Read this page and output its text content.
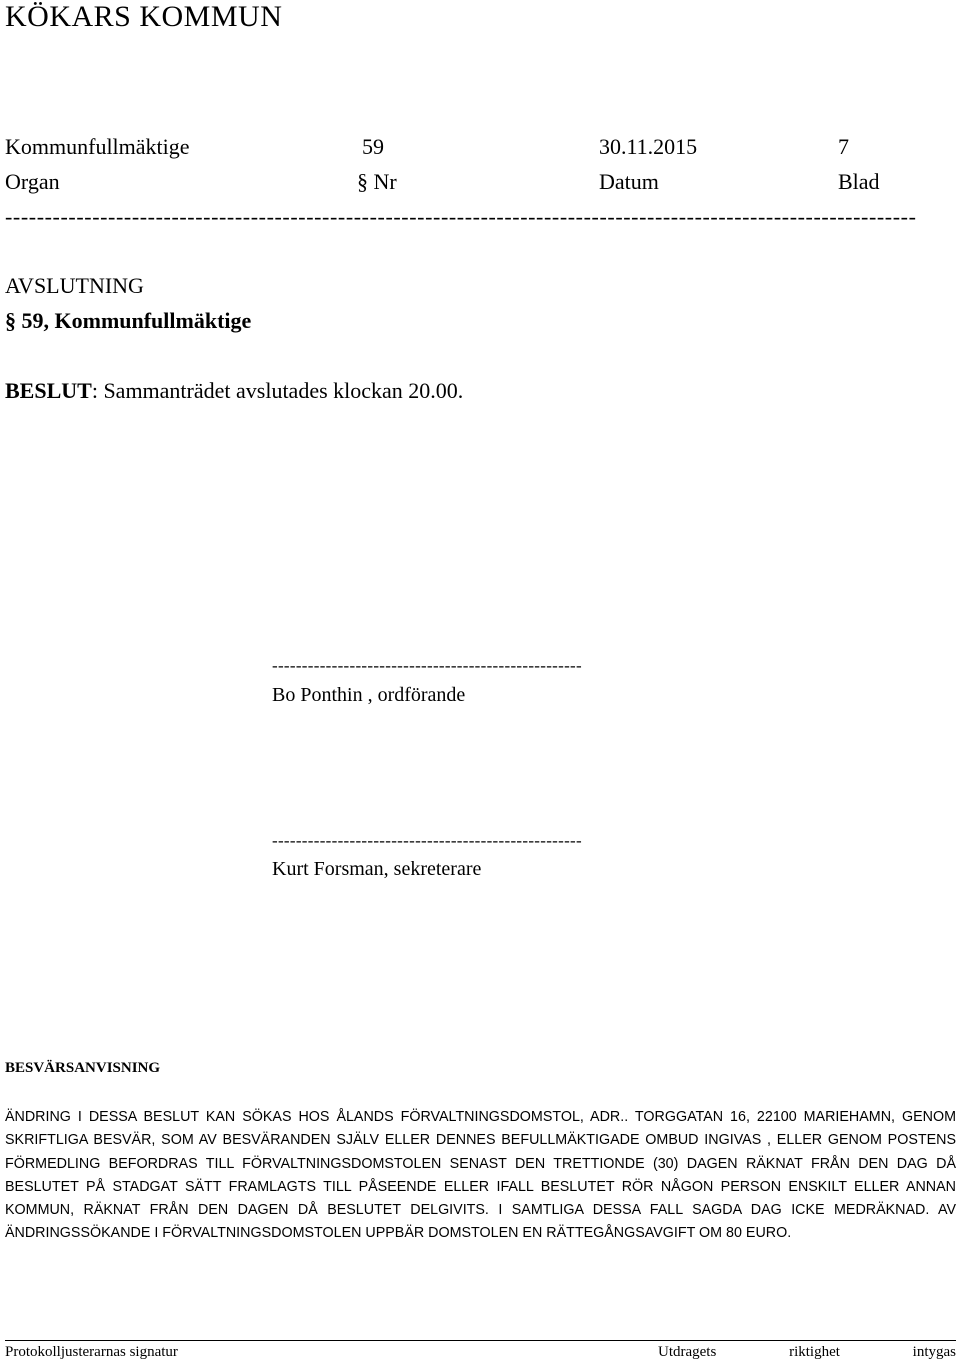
KÖKARS KOMMUN
Kommunfullmäktige	59	30.11.2015	7
Organ	§ Nr	Datum	Blad
-------------------------------------------------------------------------------------------------------------------
AVSLUTNING
§ 59, Kommunfullmäktige
BESLUT: Sammanträdet avslutades klockan 20.00.
----------------------------------------------------
Bo Ponthin , ordförande
----------------------------------------------------
Kurt Forsman, sekreterare
BESVÄRSANVISNING
ÄNDRING I DESSA BESLUT KAN SÖKAS HOS ÅLANDS FÖRVALTNINGSDOMSTOL, ADR.. TORGGATAN 16, 22100 MARIEHAMN, GENOM SKRIFTLIGA BESVÄR, SOM AV BESVÄRANDEN SJÄLV ELLER DENNES BEFULLMÄKTIGADE OMBUD INGIVAS , ELLER GENOM POSTENS FÖRMEDLING BEFORDRAS TILL FÖRVALTNINGSDOMSTOLEN SENAST DEN TRETTIONDE (30) DAGEN RÄKNAT FRÅN DEN DAG DÅ BESLUTET PÅ STADGAT SÄTT FRAMLAGTS TILL PÅSEENDE ELLER IFALL BESLUTET RÖR NÅGON PERSON ENSKILT ELLER ANNAN KOMMUN, RÄKNAT FRÅN DEN DAGEN DÅ BESLUTET DELGIVITS. I SAMTLIGA DESSA FALL SAGDA DAG ICKE MEDRÄKNAD. AV ÄNDRINGSSÖKANDE I FÖRVALTNINGSDOMSTOLEN UPPBÄR DOMSTOLEN EN RÄTTEGÅNGSAVGIFT OM 80 EURO.
Protokolljusterarnas signatur	Utdragets	riktighet	intygas
